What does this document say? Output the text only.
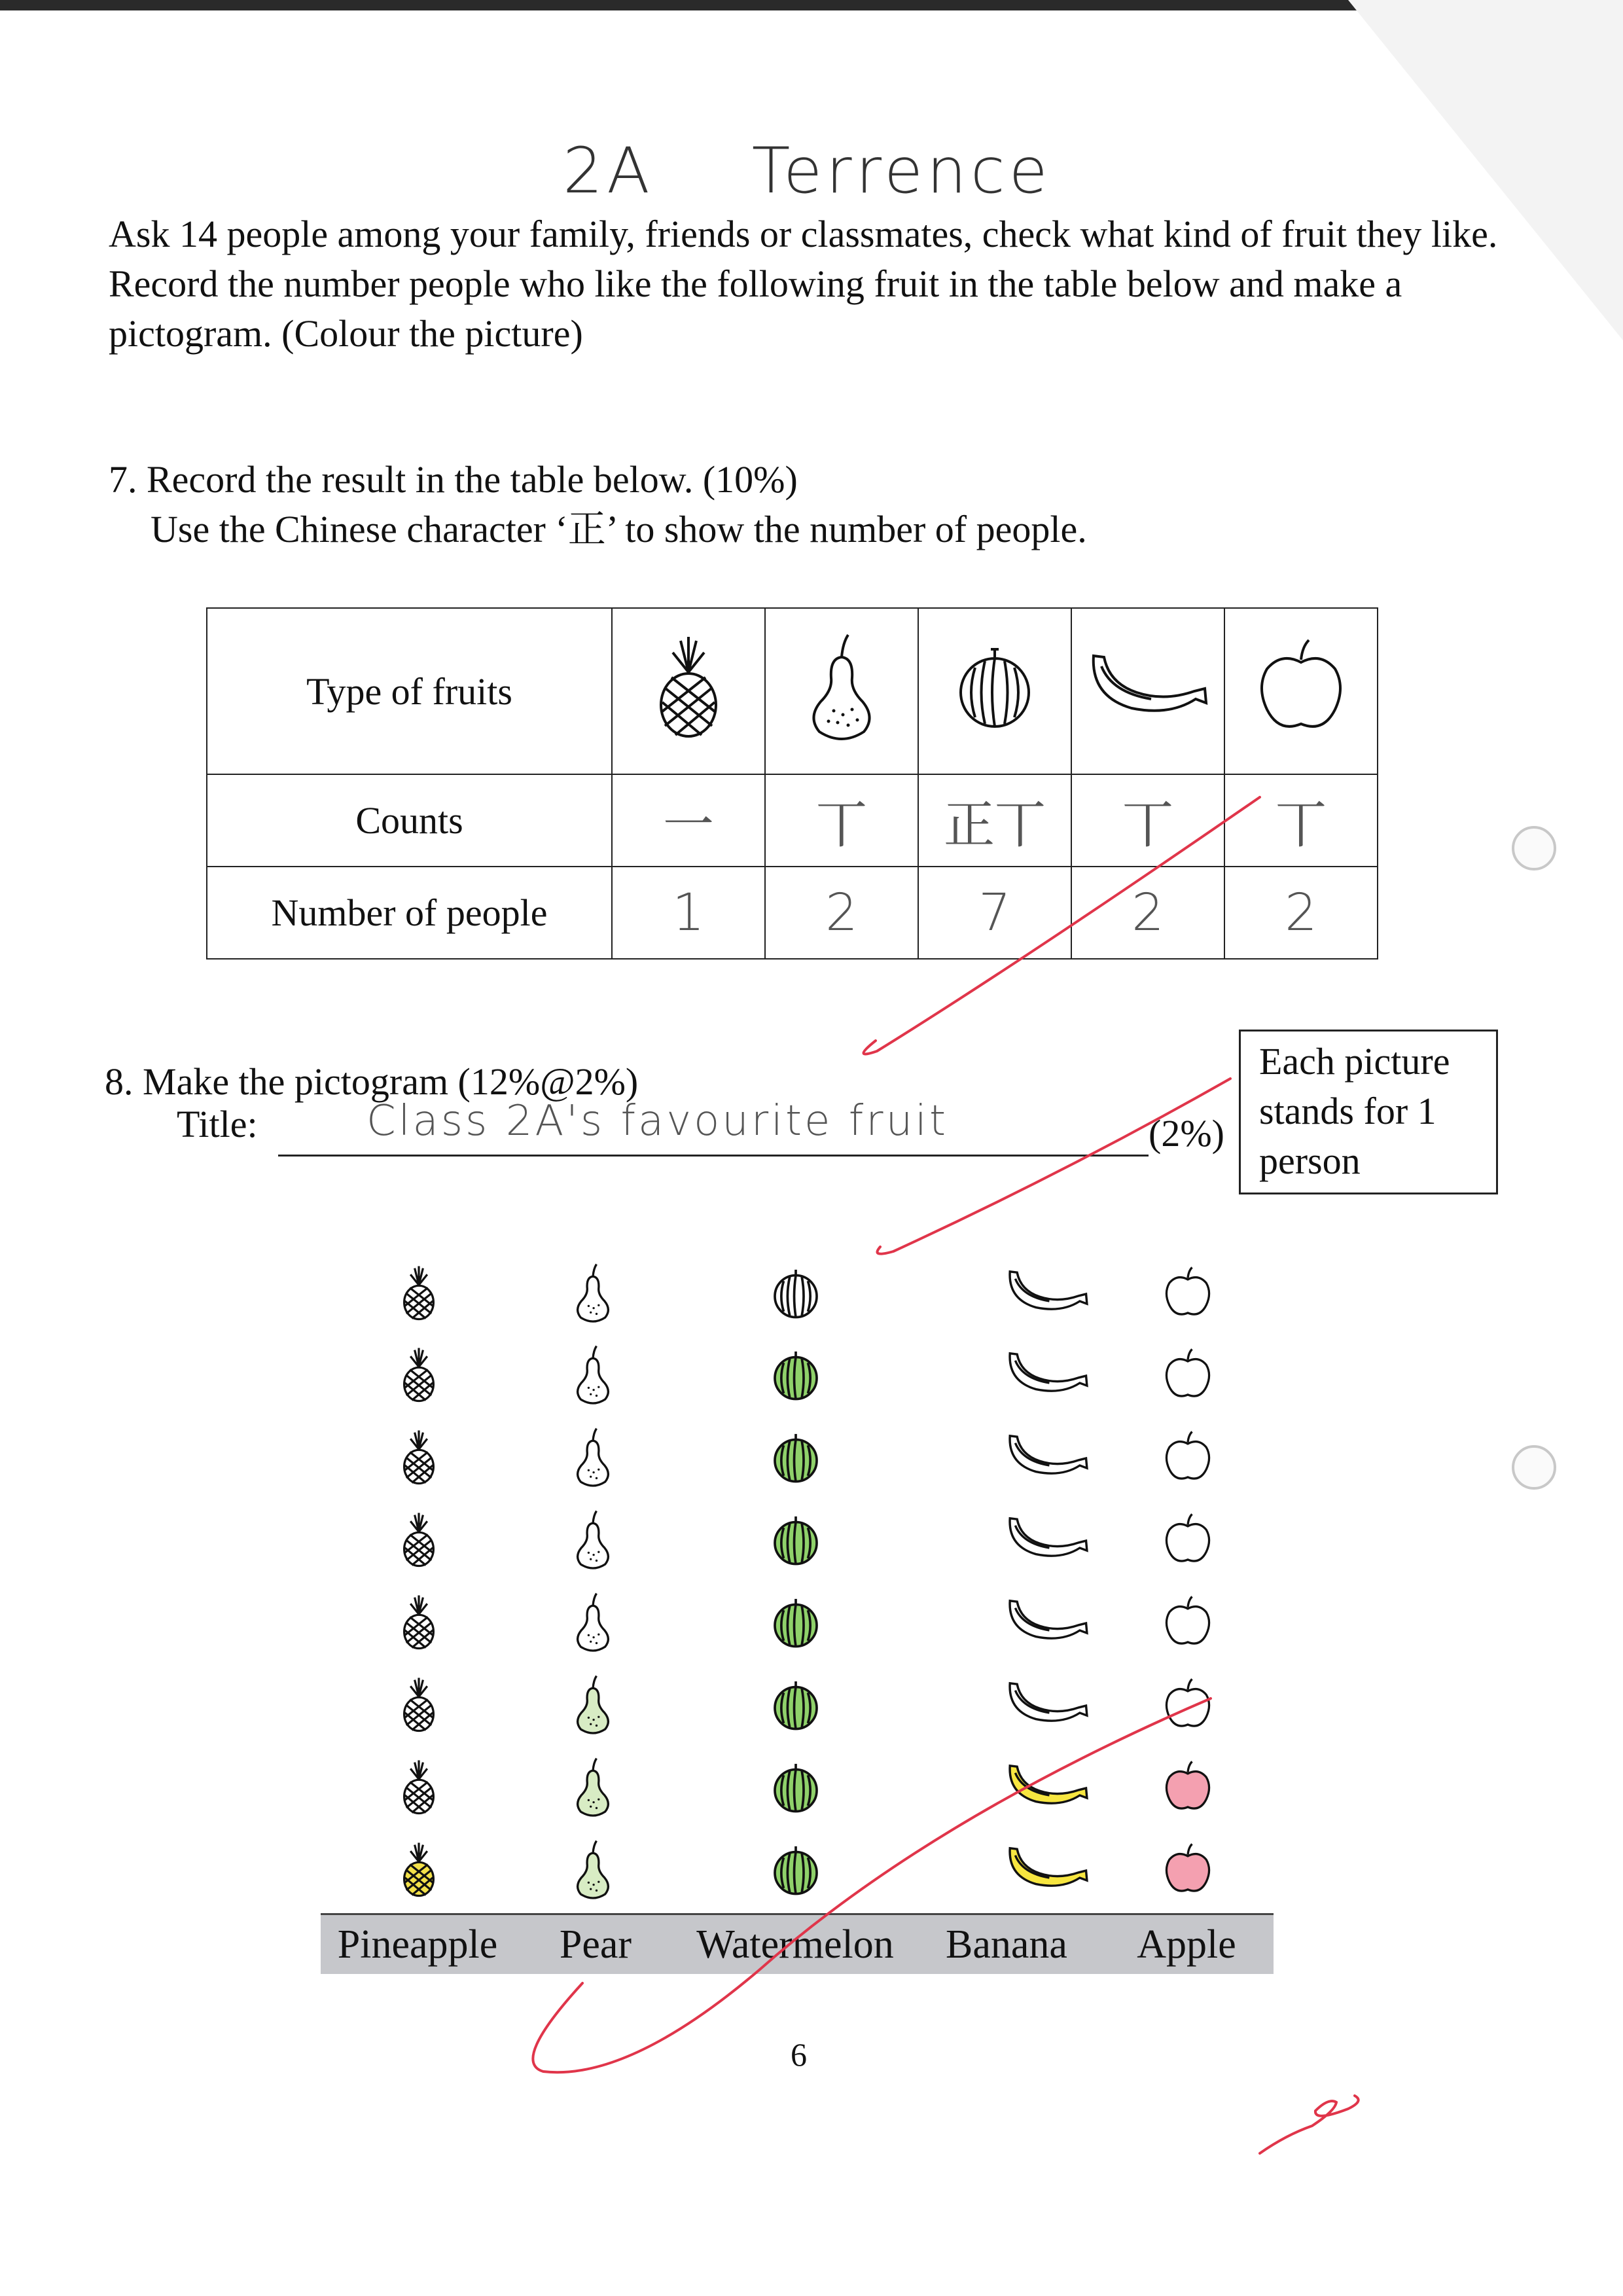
2A Terrence

Ask 14 people among your family, friends or classmates, check what kind of fruit they like.

Record the number people who like the following fruit in the table below and make a pictogram. (Colour the picture)

7. Record the result in the table below. (10%)
Use the Chinese character ‘正’ to show the number of people.
Type of fruits					
Counts	一	丅	正丅	丅	丅
Number of people	1	2	7	2	2
8. Make the pictogram (12%@2%)
Title:	Class 2A's favourite fruit	(2%)
Each picture stands for 1 person
Pineapple Pear Watermelon Banana Apple
6
